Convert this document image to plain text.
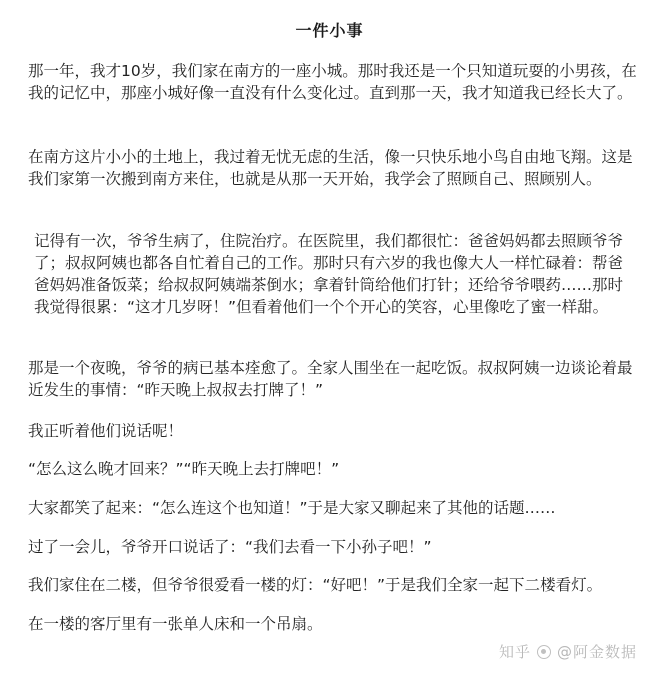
一件小事
那一年，我才10岁，我们家在南方的一座小城。那时我还是一个只知道玩耍的小男孩，在我的记忆中，那座小城好像一直没有什么变化过。直到那一天，我才知道我已经长大了。
在南方这片小小的土地上，我过着无忧无虑的生活，像一只快乐地小鸟自由地飞翔。这是我们家第一次搬到南方来住，也就是从那一天开始，我学会了照顾自己、照顾别人。
记得有一次，爷爷生病了，住院治疗。在医院里，我们都很忙：爸爸妈妈都去照顾爷爷了；叔叔阿姨也都各自忙着自己的工作。那时只有六岁的我也像大人一样忙碌着：帮爸爸妈妈准备饭菜；给叔叔阿姨端茶倒水；拿着针筒给他们打针；还给爷爷喂药……那时我觉得很累：“这才几岁呀！”但看着他们一个个开心的笑容，心里像吃了蜜一样甜。
那是一个夜晚，爷爷的病已基本痊愈了。全家人围坐在一起吃饭。叔叔阿姨一边谈论着最近发生的事情：“昨天晚上叔叔去打牌了！”
我正听着他们说话呢！
“怎么这么晚才回来？”“昨天晚上去打牌吧！”
大家都笑了起来：“怎么连这个也知道！”于是大家又聊起来了其他的话题……
过了一会儿，爷爷开口说话了：“我们去看一下小孙子吧！”
我们家住在二楼，但爷爷很爱看一楼的灯：“好吧！”于是我们全家一起下二楼看灯。
在一楼的客厅里有一张单人床和一个吊扇。
知乎 @阿金数据
